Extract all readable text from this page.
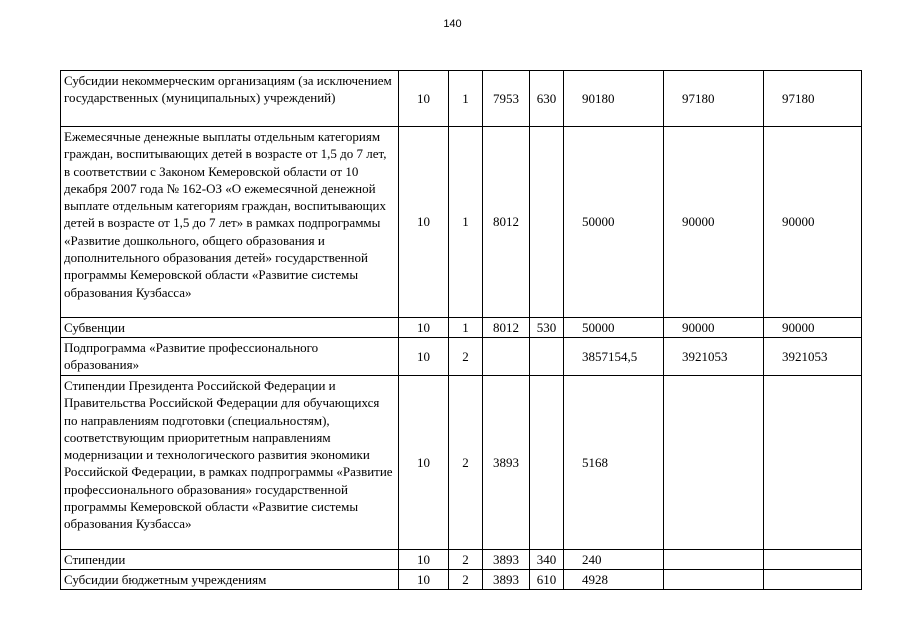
140
Субсидии некоммерческим организациям (за исключением государственных (муниципальных) учреждений)	10	1	7953	630	90180	97180	97180
Ежемесячные денежные выплаты отдельным категориям граждан, воспитывающих детей в возрасте от 1,5 до 7 лет, в соответствии с Законом Кемеровской области от 10 декабря 2007 года № 162-ОЗ «О ежемесячной денежной выплате отдельным категориям граждан, воспитывающих детей в возрасте от 1,5 до 7 лет» в рамках подпрограммы «Развитие дошкольного, общего образования и дополнительного образования детей» государственной программы Кемеровской области «Развитие системы образования Кузбасса»	10	1	8012		50000	90000	90000
Субвенции	10	1	8012	530	50000	90000	90000
Подпрограмма «Развитие профессионального образования»	10	2			3857154,5	3921053	3921053
Стипендии Президента Российской Федерации и Правительства Российской Федерации для обучающихся по направлениям подготовки (специальностям), соответствующим приоритетным направлениям модернизации и технологического развития экономики Российской Федерации, в рамках подпрограммы «Развитие профессионального образования» государственной программы Кемеровской области «Развитие системы образования Кузбасса»	10	2	3893		5168		
Стипендии	10	2	3893	340	240		
Субсидии бюджетным учреждениям	10	2	3893	610	4928		
